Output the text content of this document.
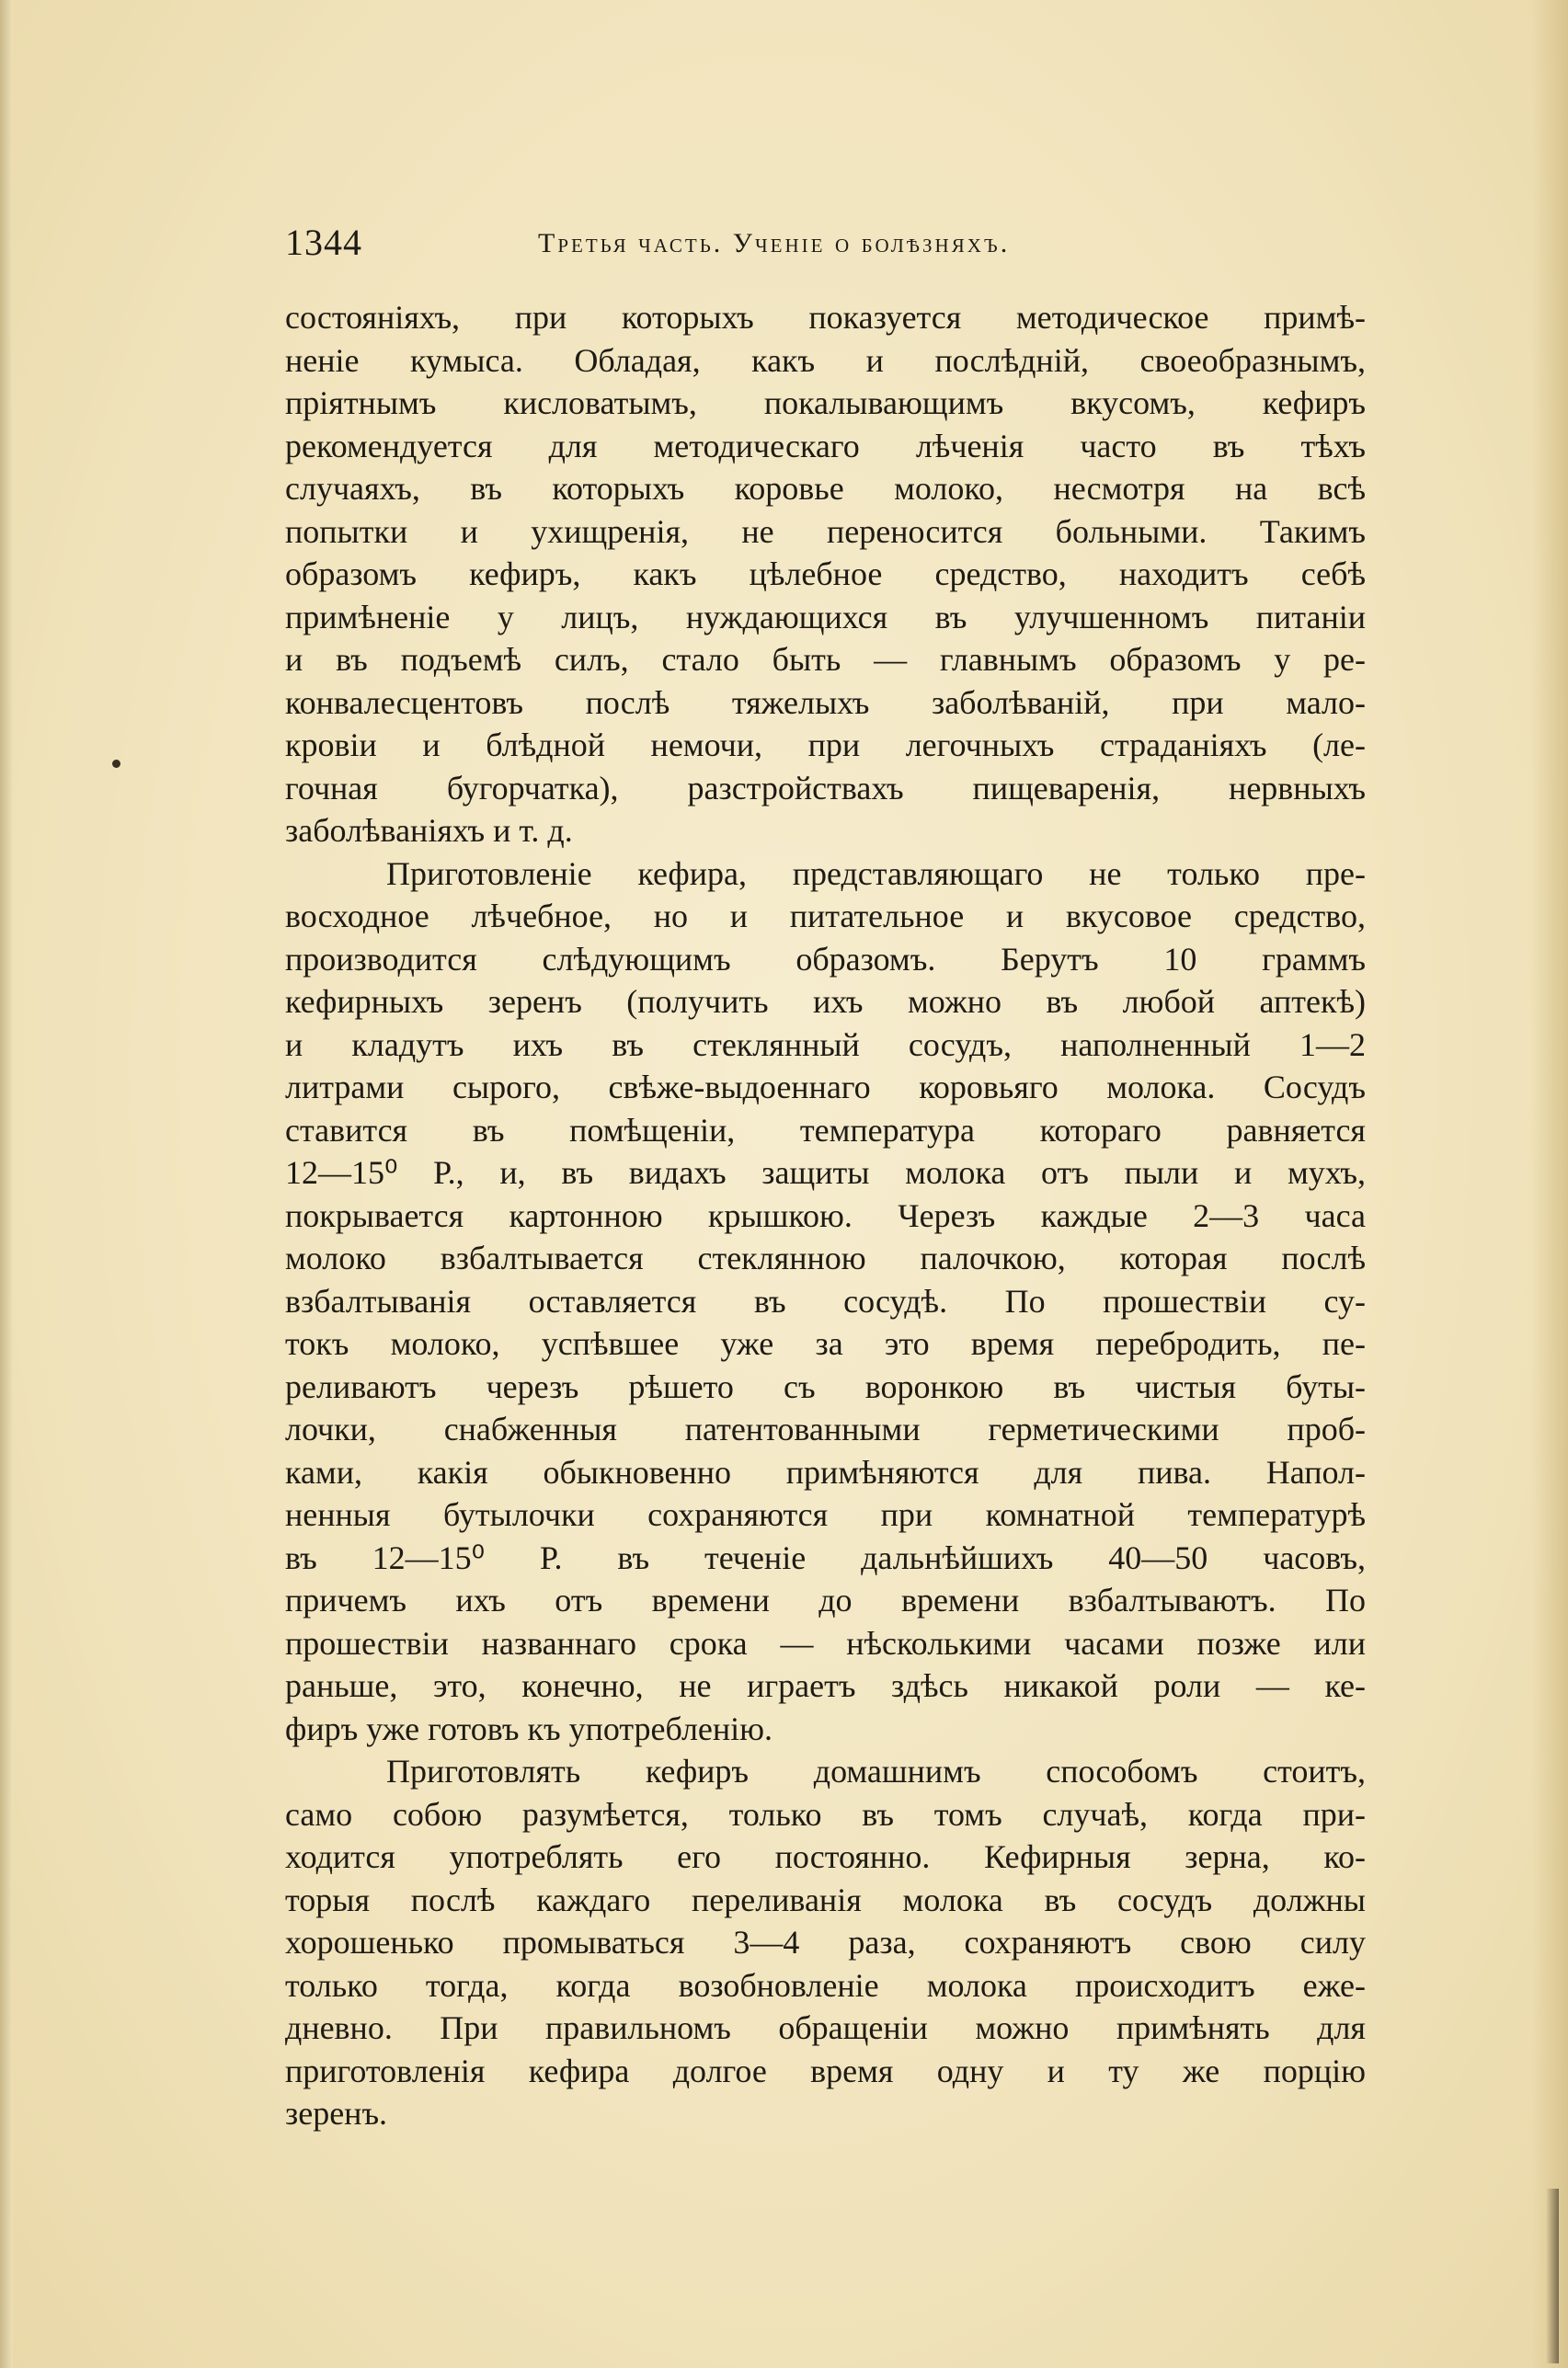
1344	Третья часть. Ученіе о болѣзняхъ.
состояніяхъ, при которыхъ показуется методическое примѣ-
неніе кумыса. Обладая, какъ и послѣдній, своеобразнымъ,
пріятнымъ кисловатымъ, покалывающимъ вкусомъ, кефиръ
рекомендуется для методическаго лѣченія часто въ тѣхъ
случаяхъ, въ которыхъ коровье молоко, несмотря на всѣ
попытки и ухищренія, не переносится больными. Такимъ
образомъ кефиръ, какъ цѣлебное средство, находитъ себѣ
примѣненіе у лицъ, нуждающихся въ улучшенномъ питаніи
и въ подъемѣ силъ, стало быть — главнымъ образомъ у ре-
конвалесцентовъ послѣ тяжелыхъ заболѣваній, при мало-
кровіи и блѣдной немочи, при легочныхъ страданіяхъ (ле-
гочная бугорчатка), разстройствахъ пищеваренія, нервныхъ
заболѣваніяхъ и т. д.
Приготовленіе кефира, представляющаго не только пре-
восходное лѣчебное, но и питательное и вкусовое средство,
производится слѣдующимъ образомъ. Берутъ 10 граммъ
кефирныхъ зеренъ (получить ихъ можно въ любой аптекѣ)
и кладутъ ихъ въ стеклянный сосудъ, наполненный 1—2
литрами сырого, свѣже-выдоеннаго коровьяго молока. Сосудъ
ставится въ помѣщеніи, температура котораго равняется
12—15⁰ Р., и, въ видахъ защиты молока отъ пыли и мухъ,
покрывается картонною крышкою. Черезъ каждые 2—3 часа
молоко взбалтывается стеклянною палочкою, которая послѣ
взбалтыванія оставляется въ сосудѣ. По прошествіи су-
токъ молоко, успѣвшее уже за это время перебродить, пе-
реливаютъ черезъ рѣшето съ воронкою въ чистыя буты-
лочки, снабженныя патентованными герметическими проб-
ками, какія обыкновенно примѣняются для пива. Напол-
ненныя бутылочки сохраняются при комнатной температурѣ
въ 12—15⁰ Р. въ теченіе дальнѣйшихъ 40—50 часовъ,
причемъ ихъ отъ времени до времени взбалтываютъ. По
прошествіи названнаго срока — нѣсколькими часами позже или
раньше, это, конечно, не играетъ здѣсь никакой роли — ке-
фиръ уже готовъ къ употребленію.
Приготовлять кефиръ домашнимъ способомъ стоитъ,
само собою разумѣется, только въ томъ случаѣ, когда при-
ходится употреблять его постоянно. Кефирныя зерна, ко-
торыя послѣ каждаго переливанія молока въ сосудъ должны
хорошенько промываться 3—4 раза, сохраняютъ свою силу
только тогда, когда возобновленіе молока происходитъ еже-
дневно. При правильномъ обращеніи можно примѣнять для
приготовленія кефира долгое время одну и ту же порцію
зеренъ.
